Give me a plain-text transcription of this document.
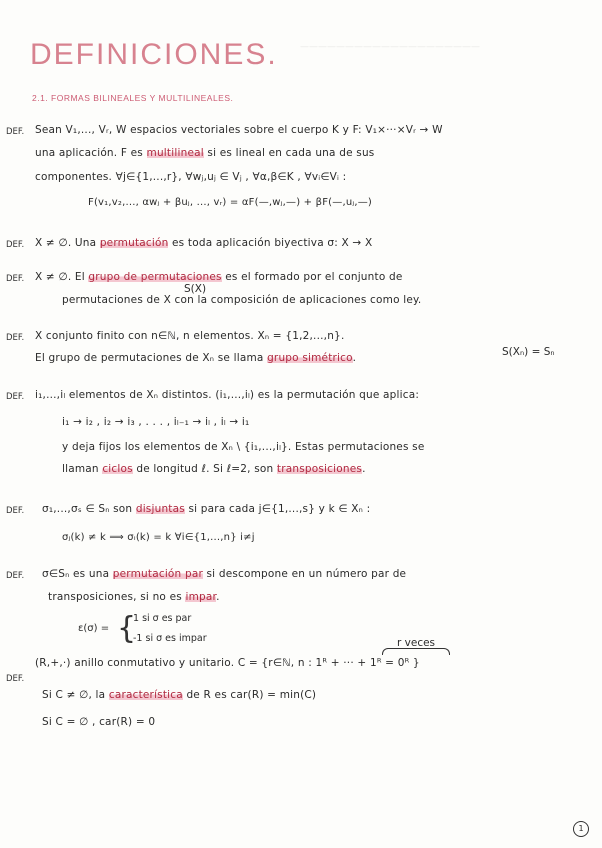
————————————————————
DEFINICIONES.
2.1. FORMAS BILINEALES Y MULTILINEALES.
DEF. Sean V₁,..., Vᵣ, W espacios vectoriales sobre el cuerpo K y F: V₁×···×Vᵣ → W
una aplicación. F es multilineal si es lineal en cada una de sus
componentes. ∀j∈{1,...,r}, ∀wⱼ,uⱼ ∈ Vⱼ , ∀α,β∈K , ∀vᵢ∈Vᵢ :
F(v₁,v₂,..., αwⱼ + βuⱼ, ..., vᵣ) = αF(—,wⱼ,—) + βF(—,uⱼ,—)
DEF. X ≠ ∅. Una permutación es toda aplicación biyectiva σ: X → X
DEF. X ≠ ∅. El grupo de permutaciones es el formado por el conjunto de
S(X)
permutaciones de X con la composición de aplicaciones como ley.
DEF. X conjunto finito con n∈ℕ, n elementos. Xₙ = {1,2,...,n}.
El grupo de permutaciones de Xₙ se llama grupo simétrico.	S(Xₙ) = Sₙ
DEF. i₁,...,iₗ elementos de Xₙ distintos. (i₁,...,iₗ) es la permutación que aplica:
i₁ → i₂ , i₂ → i₃ , . . . , iₗ₋₁ → iₗ , iₗ → i₁
y deja fijos los elementos de Xₙ \ {i₁,...,iₗ}. Estas permutaciones se
llaman ciclos de longitud ℓ. Si ℓ=2, son transposiciones.
DEF. σ₁,...,σₛ ∈ Sₙ son disjuntas si para cada j∈{1,...,s} y k ∈ Xₙ :
σⱼ(k) ≠ k ⟹ σᵢ(k) = k ∀i∈{1,...,n} i≠j
DEF. σ∈Sₙ es una permutación par si descompone en un número par de
transposiciones, si no es impar.
ε(σ) = {
1 si σ es par
-1 si σ es impar	r veces
DEF.
(R,+,·) anillo conmutativo y unitario. C = {r∈ℕ, n : 1ᴿ + ··· + 1ᴿ = 0ᴿ }
Si C ≠ ∅, la característica de R es car(R) = min(C)
Si C = ∅ , car(R) = 0
1
